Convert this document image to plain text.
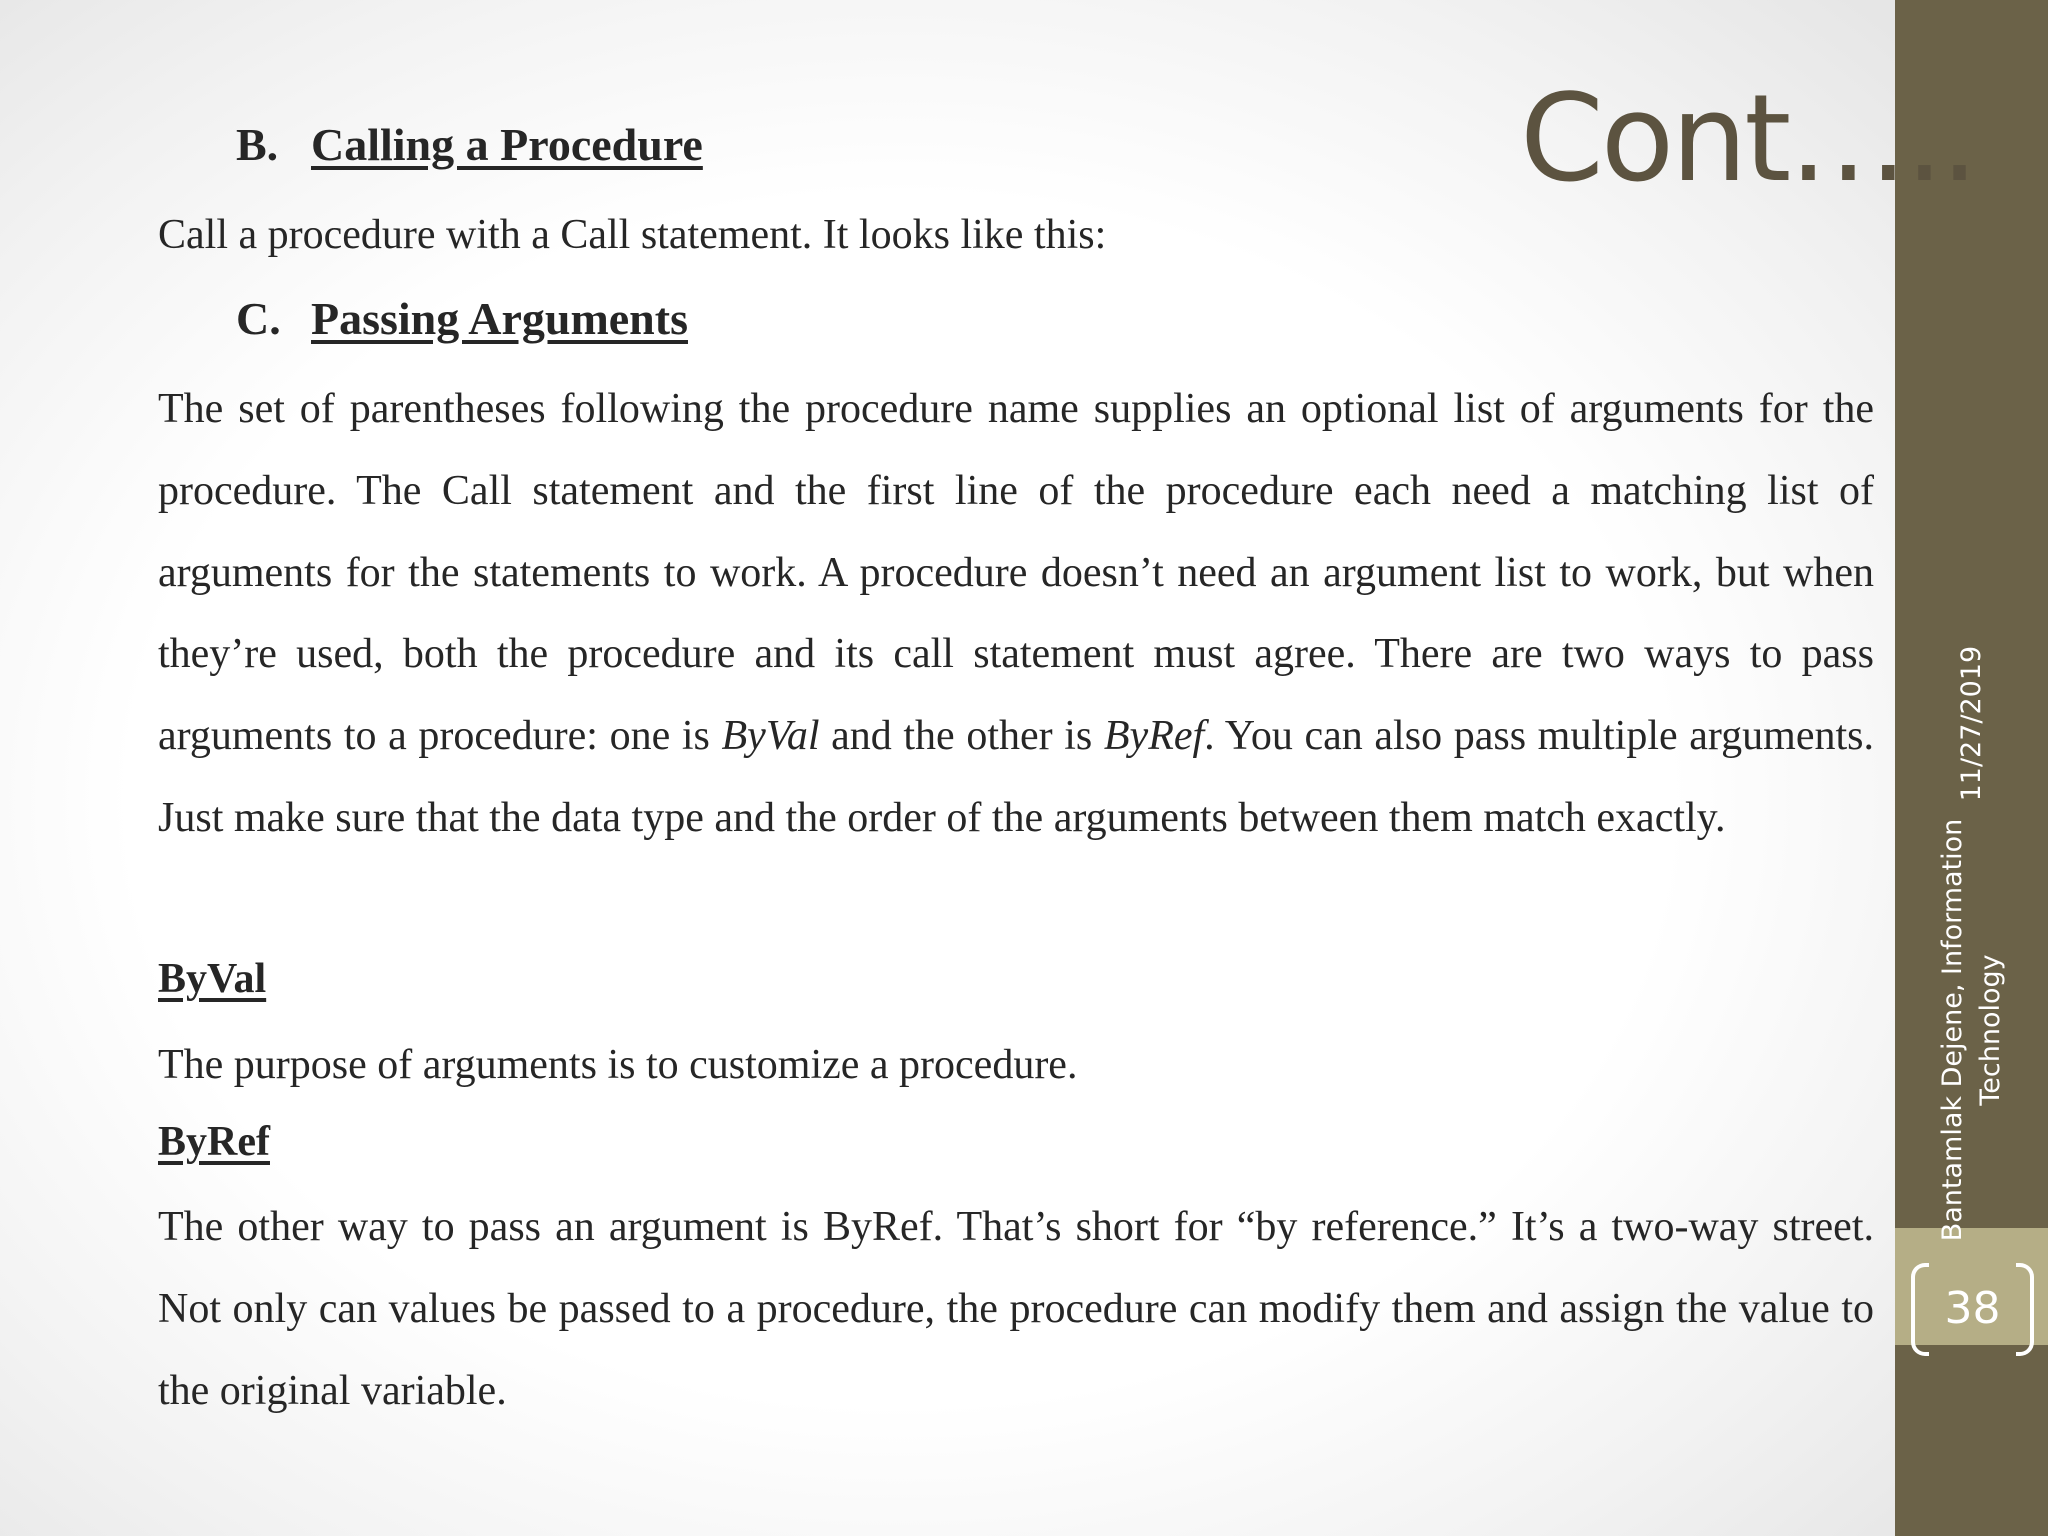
38
Bantamlak Dejene, Information Technology 11/27/2019
Cont…..
B. Calling a Procedure
Call a procedure with a Call statement. It looks like this:
C. Passing Arguments
The set of parentheses following the procedure name supplies an optional list of arguments for the procedure. The Call statement and the first line of the procedure each need a matching list of arguments for the statements to work. A procedure doesn’t need an argument list to work, but when they’re used, both the procedure and its call statement must agree. There are two ways to pass arguments to a procedure: one is ByVal and the other is ByRef. You can also pass multiple arguments. Just make sure that the data type and the order of the arguments between them match exactly.
ByVal
The purpose of arguments is to customize a procedure.
ByRef
The other way to pass an argument is ByRef. That’s short for “by reference.” It’s a two-way street. Not only can values be passed to a procedure, the procedure can modify them and assign the value to the original variable.
